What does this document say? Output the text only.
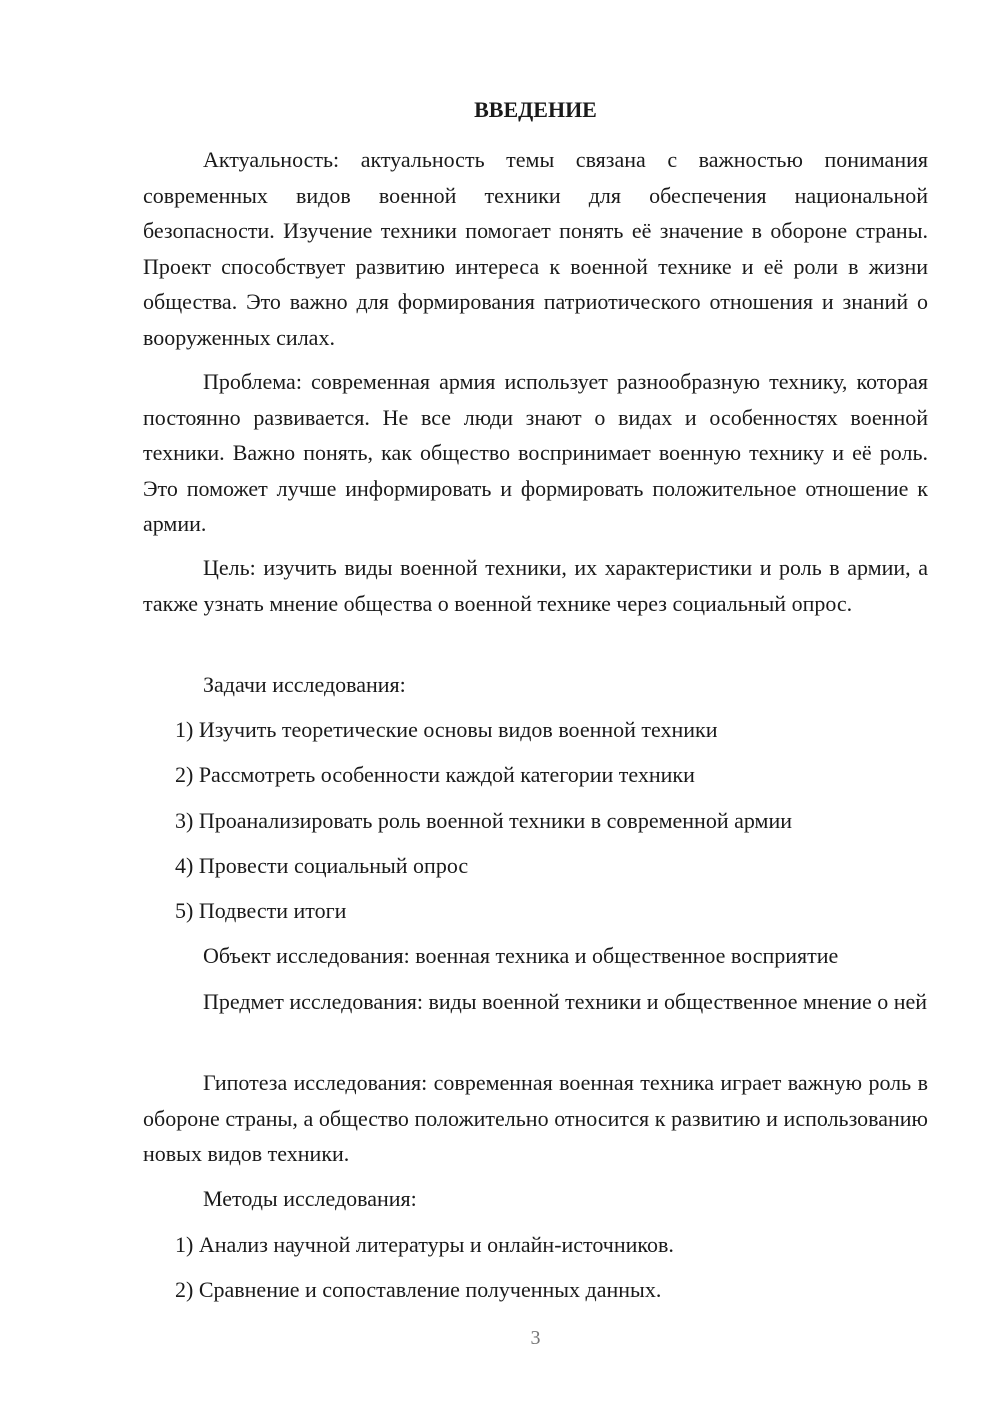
ВВЕДЕНИЕ

Актуальность: актуальность темы связана с важностью понимания современных видов военной техники для обеспечения национальной безопасности. Изучение техники помогает понять её значение в обороне страны. Проект способствует развитию интереса к военной технике и её роли в жизни общества. Это важно для формирования патриотического отношения и знаний о вооруженных силах.

Проблема: современная армия использует разнообразную технику, которая постоянно развивается. Не все люди знают о видах и особенностях военной техники. Важно понять, как общество воспринимает военную технику и её роль. Это поможет лучше информировать и формировать положительное отношение к армии.

Цель: изучить виды военной техники, их характеристики и роль в армии, а также узнать мнение общества о военной технике через социальный опрос.

Задачи исследования:

1) Изучить теоретические основы видов военной техники

2) Рассмотреть особенности каждой категории техники

3) Проанализировать роль военной техники в современной армии

4) Провести социальный опрос

5) Подвести итоги

Объект исследования: военная техника и общественное восприятие

Предмет исследования: виды военной техники и общественное мнение о ней

Гипотеза исследования: современная военная техника играет важную роль в обороне страны, а общество положительно относится к развитию и использованию новых видов техники.

Методы исследования:

1) Анализ научной литературы и онлайн-источников.

2) Сравнение и сопоставление полученных данных.

3
